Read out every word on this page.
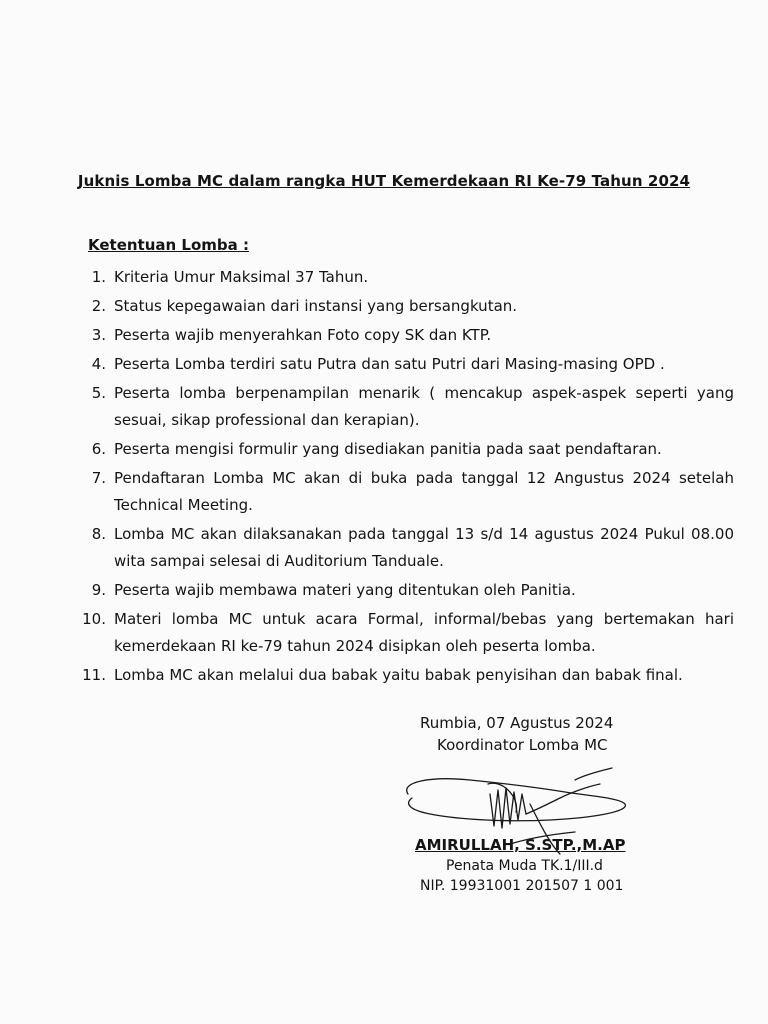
Juknis Lomba MC dalam rangka HUT Kemerdekaan RI Ke-79 Tahun 2024
Ketentuan Lomba :
1. Kriteria Umur Maksimal 37 Tahun.
2. Status kepegawaian dari instansi yang bersangkutan.
3. Peserta wajib menyerahkan Foto copy SK dan KTP.
4. Peserta Lomba terdiri satu Putra dan satu Putri dari Masing-masing OPD .
5. Peserta lomba berpenampilan menarik ( mencakup aspek-aspek seperti yang sesuai, sikap professional dan kerapian).
6. Peserta mengisi formulir yang disediakan panitia pada saat pendaftaran.
7. Pendaftaran Lomba MC akan di buka pada tanggal 12 Angustus 2024 setelah Technical Meeting.
8. Lomba MC akan dilaksanakan pada tanggal 13 s/d 14 agustus 2024 Pukul 08.00 wita sampai selesai di Auditorium Tanduale.
9. Peserta wajib membawa materi yang ditentukan oleh Panitia.
10. Materi lomba MC untuk acara Formal, informal/bebas yang bertemakan hari kemerdekaan RI ke-79 tahun 2024 disipkan oleh peserta lomba.
11. Lomba MC akan melalui dua babak yaitu babak penyisihan dan babak final.
Rumbia, 07 Agustus 2024
Koordinator Lomba MC
AMIRULLAH, S.STP.,M.AP
Penata Muda TK.1/III.d
NIP. 19931001 201507 1 001
